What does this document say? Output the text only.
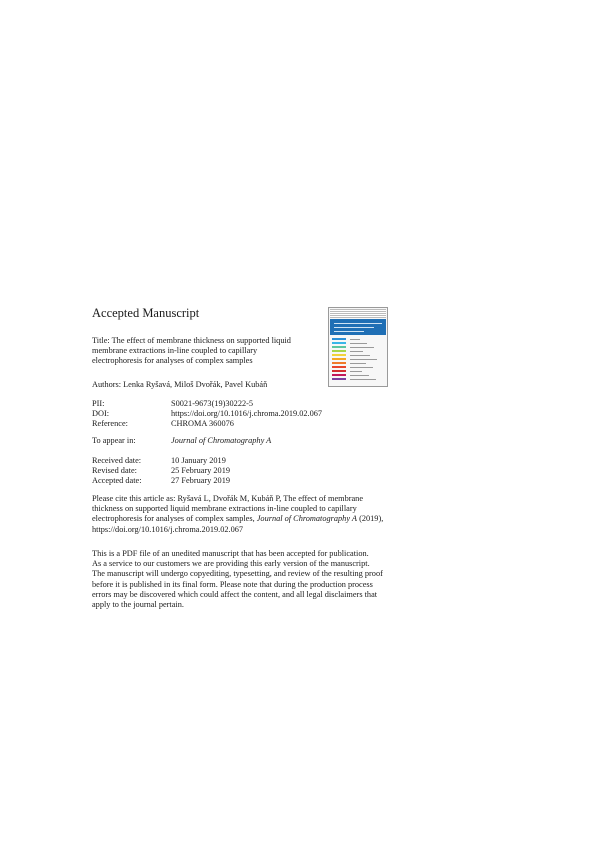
Accepted Manuscript
Title: The effect of membrane thickness on supported liquid
membrane extractions in-line coupled to capillary
electrophoresis for analyses of complex samples
Authors: Lenka Ryšavá, Miloš Dvořák, Pavel Kubáň
PII:	S0021-9673(19)30222-5
DOI:	https://doi.org/10.1016/j.chroma.2019.02.067
Reference:	CHROMA 360076
To appear in:	Journal of Chromatography A
Received date:	10 January 2019
Revised date:	25 February 2019
Accepted date:	27 February 2019
Please cite this article as: Ryšavá L, Dvořák M, Kubáň P, The effect of membrane
thickness on supported liquid membrane extractions in-line coupled to capillary
electrophoresis for analyses of complex samples, Journal of Chromatography A (2019),
https://doi.org/10.1016/j.chroma.2019.02.067
This is a PDF file of an unedited manuscript that has been accepted for publication.
As a service to our customers we are providing this early version of the manuscript.
The manuscript will undergo copyediting, typesetting, and review of the resulting proof
before it is published in its final form. Please note that during the production process
errors may be discovered which could affect the content, and all legal disclaimers that
apply to the journal pertain.
